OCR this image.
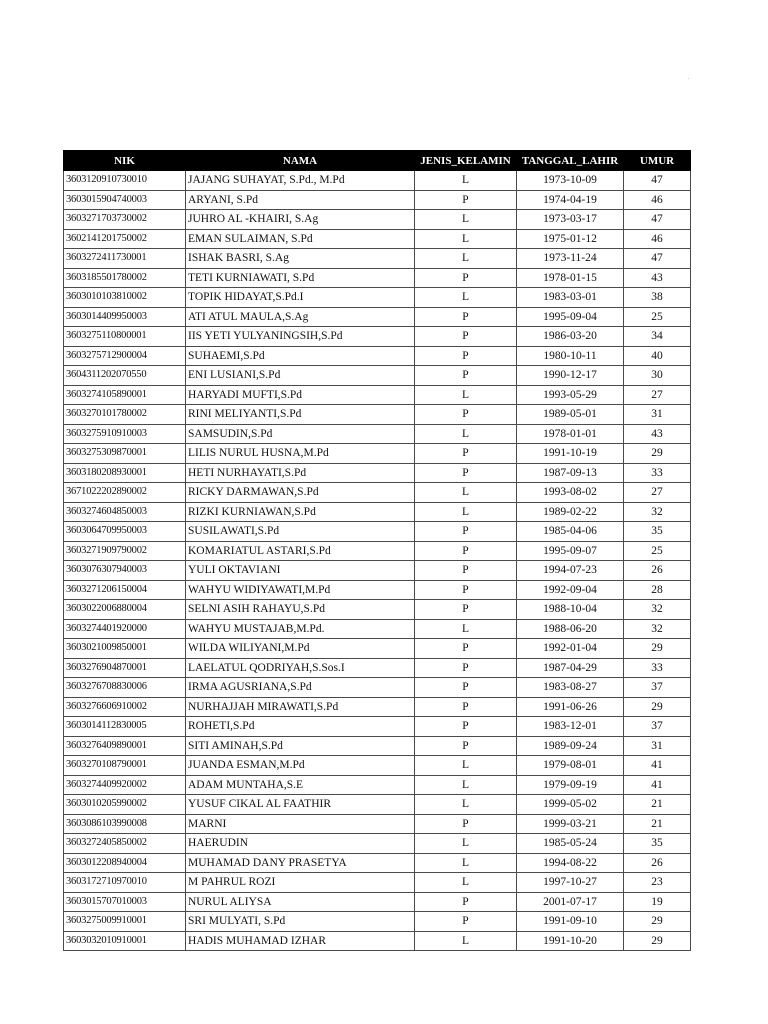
NIK	NAMA	JENIS_KELAMIN	TANGGAL_LAHIR	UMUR
3603120910730010	JAJANG SUHAYAT, S.Pd., M.Pd	L	1973-10-09	47
3603015904740003	ARYANI, S.Pd	P	1974-04-19	46
3603271703730002	JUHRO AL -KHAIRI, S.Ag	L	1973-03-17	47
3602141201750002	EMAN SULAIMAN, S.Pd	L	1975-01-12	46
3603272411730001	ISHAK BASRI, S.Ag	L	1973-11-24	47
3603185501780002	TETI KURNIAWATI, S.Pd	P	1978-01-15	43
3603010103810002	TOPIK HIDAYAT,S.Pd.I	L	1983-03-01	38
3603014409950003	ATI ATUL MAULA,S.Ag	P	1995-09-04	25
3603275110800001	IIS YETI YULYANINGSIH,S.Pd	P	1986-03-20	34
3603275712900004	SUHAEMI,S.Pd	P	1980-10-11	40
3604311202070550	ENI LUSIANI,S.Pd	P	1990-12-17	30
3603274105890001	HARYADI MUFTI,S.Pd	L	1993-05-29	27
3603270101780002	RINI MELIYANTI,S.Pd	P	1989-05-01	31
3603275910910003	SAMSUDIN,S.Pd	L	1978-01-01	43
3603275309870001	LILIS NURUL HUSNA,M.Pd	P	1991-10-19	29
3603180208930001	HETI NURHAYATI,S.Pd	P	1987-09-13	33
3671022202890002	RICKY DARMAWAN,S.Pd	L	1993-08-02	27
3603274604850003	RIZKI KURNIAWAN,S.Pd	L	1989-02-22	32
3603064709950003	SUSILAWATI,S.Pd	P	1985-04-06	35
3603271909790002	KOMARIATUL ASTARI,S.Pd	P	1995-09-07	25
3603076307940003	YULI OKTAVIANI	P	1994-07-23	26
3603271206150004	WAHYU WIDIYAWATI,M.Pd	P	1992-09-04	28
3603022006880004	SELNI ASIH RAHAYU,S.Pd	P	1988-10-04	32
3603274401920000	WAHYU MUSTAJAB,M.Pd.	L	1988-06-20	32
3603021009850001	WILDA WILIYANI,M.Pd	P	1992-01-04	29
3603276904870001	LAELATUL QODRIYAH,S.Sos.I	P	1987-04-29	33
3603276708830006	IRMA AGUSRIANA,S.Pd	P	1983-08-27	37
3603276606910002	NURHAJJAH MIRAWATI,S.Pd	P	1991-06-26	29
3603014112830005	ROHETI,S.Pd	P	1983-12-01	37
3603276409890001	SITI AMINAH,S.Pd	P	1989-09-24	31
3603270108790001	JUANDA ESMAN,M.Pd	L	1979-08-01	41
3603274409920002	ADAM MUNTAHA,S.E	L	1979-09-19	41
3603010205990002	YUSUF CIKAL AL FAATHIR	L	1999-05-02	21
3603086103990008	MARNI	P	1999-03-21	21
3603272405850002	HAERUDIN	L	1985-05-24	35
3603012208940004	MUHAMAD DANY PRASETYA	L	1994-08-22	26
3603172710970010	M PAHRUL ROZI	L	1997-10-27	23
3603015707010003	NURUL ALIYSA	P	2001-07-17	19
3603275009910001	SRI MULYATI, S.Pd	P	1991-09-10	29
3603032010910001	HADIS MUHAMAD IZHAR	L	1991-10-20	29
